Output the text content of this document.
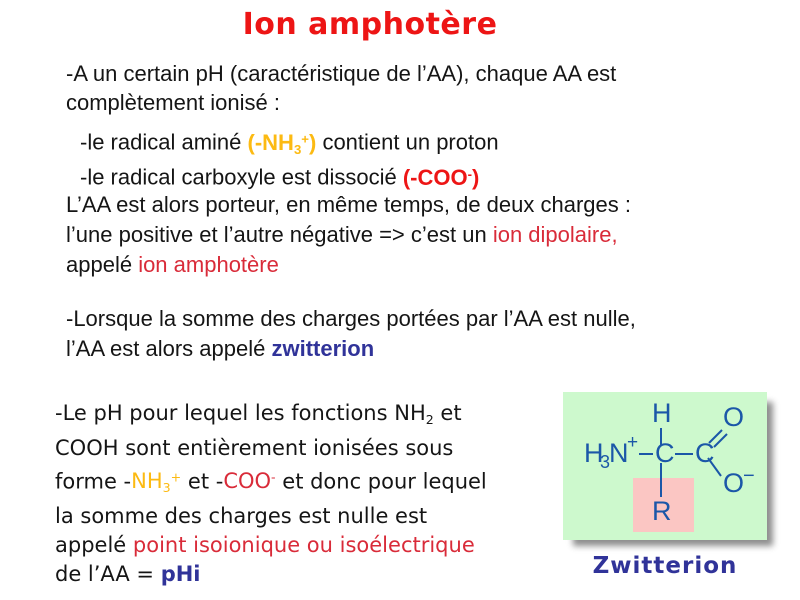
Ion amphotère
-A un certain pH (caractéristique de l’AA), chaque AA est
complètement ionisé :
-le radical aminé (-NH3+) contient un proton
-le radical carboxyle est dissocié (-COO-)
L’AA est alors porteur, en même temps, de deux charges :
l’une positive et l’autre négative => c’est un ion dipolaire,
appelé ion amphotère
-Lorsque la somme des charges portées par l’AA est nulle,
l’AA est alors appelé zwitterion
-Le pH pour lequel les fonctions NH2 et
COOH sont entièrement ionisées sous
forme -NH3+ et -COO- et donc pour lequel
la somme des charges est nulle est
appelé point isoionique ou isoélectrique
de l’AA = pHi
H
3
N
+ C C
H O
O
−
R
Zwitterion
